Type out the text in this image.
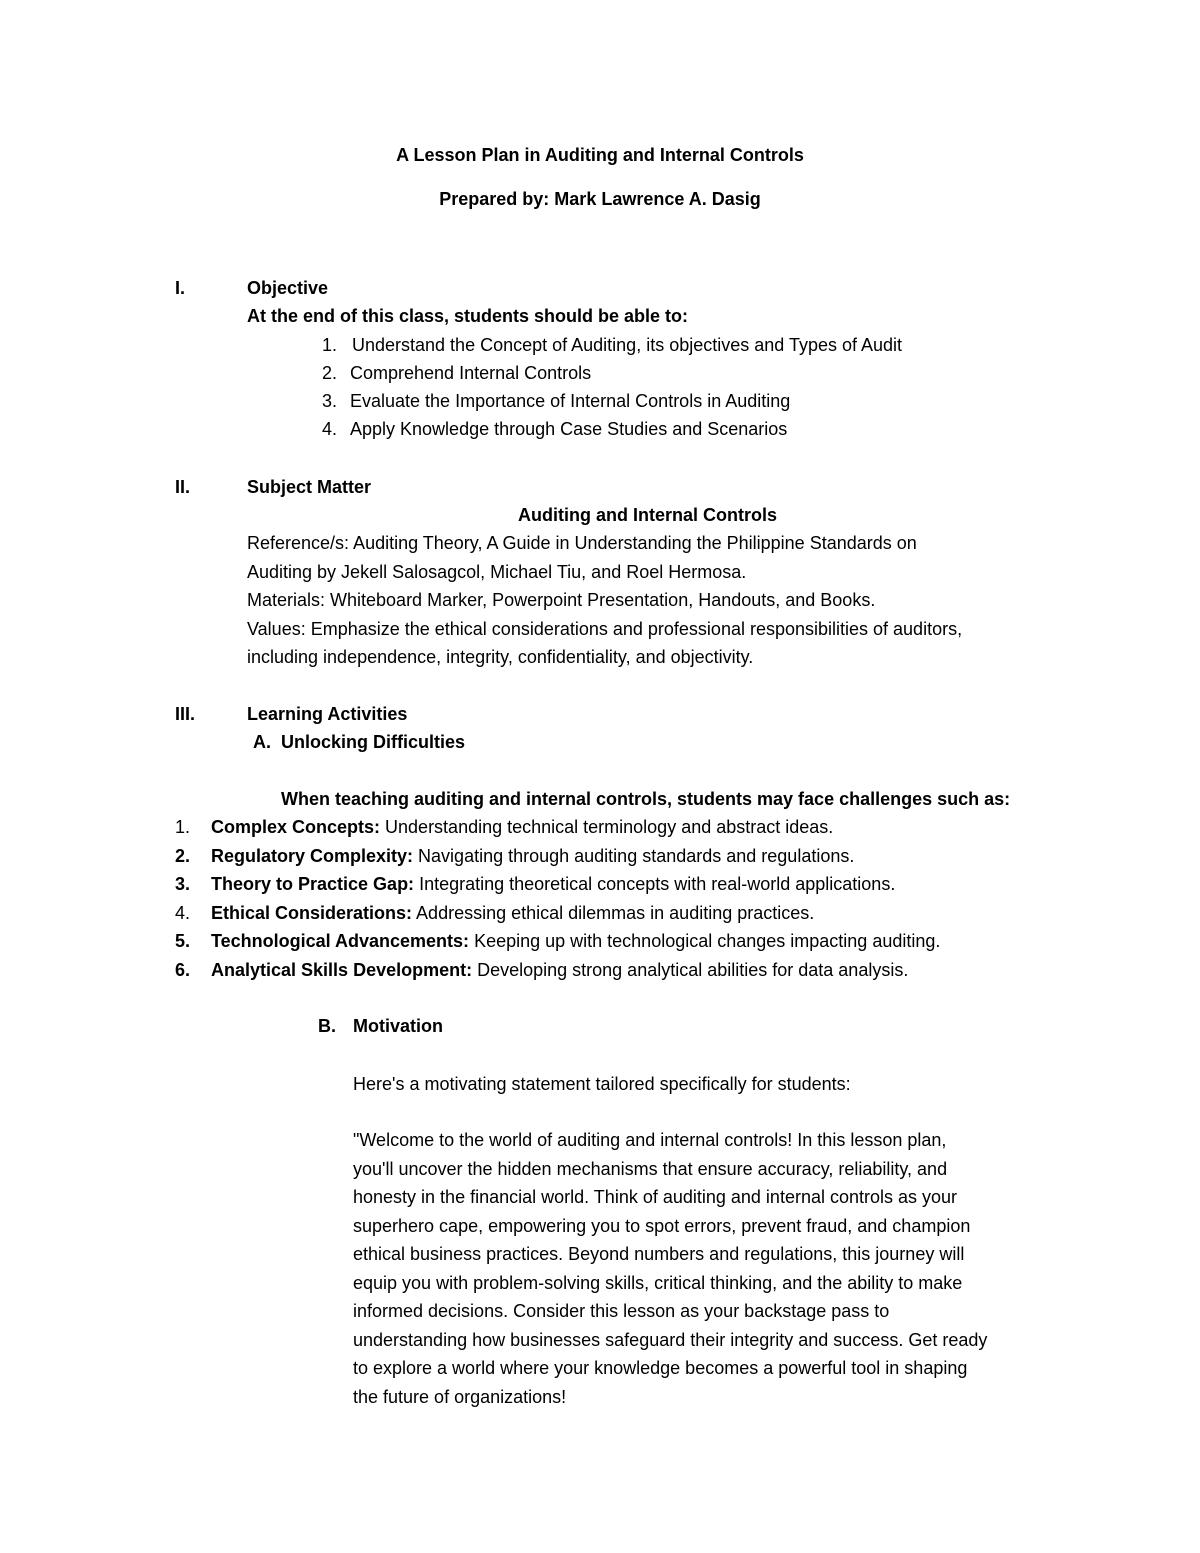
A Lesson Plan in Auditing and Internal Controls
Prepared by: Mark Lawrence A. Dasig
I.	Objective
At the end of this class, students should be able to:
1. Understand the Concept of Auditing, its objectives and Types of Audit
2. Comprehend Internal Controls
3. Evaluate the Importance of Internal Controls in Auditing
4. Apply Knowledge through Case Studies and Scenarios
II.	Subject Matter
Auditing and Internal Controls
Reference/s: Auditing Theory, A Guide in Understanding the Philippine Standards on
Auditing by Jekell Salosagcol, Michael Tiu, and Roel Hermosa.
Materials: Whiteboard Marker, Powerpoint Presentation, Handouts, and Books.
Values: Emphasize the ethical considerations and professional responsibilities of auditors,
including independence, integrity, confidentiality, and objectivity.
III.	Learning Activities
A. Unlocking Difficulties
When teaching auditing and internal controls, students may face challenges such as:
1. Complex Concepts: Understanding technical terminology and abstract ideas.
2. Regulatory Complexity: Navigating through auditing standards and regulations.
3. Theory to Practice Gap: Integrating theoretical concepts with real-world applications.
4. Ethical Considerations: Addressing ethical dilemmas in auditing practices.
5. Technological Advancements: Keeping up with technological changes impacting auditing.
6. Analytical Skills Development: Developing strong analytical abilities for data analysis.
B. Motivation
Here's a motivating statement tailored specifically for students:
"Welcome to the world of auditing and internal controls! In this lesson plan,
you'll uncover the hidden mechanisms that ensure accuracy, reliability, and
honesty in the financial world. Think of auditing and internal controls as your
superhero cape, empowering you to spot errors, prevent fraud, and champion
ethical business practices. Beyond numbers and regulations, this journey will
equip you with problem-solving skills, critical thinking, and the ability to make
informed decisions. Consider this lesson as your backstage pass to
understanding how businesses safeguard their integrity and success. Get ready
to explore a world where your knowledge becomes a powerful tool in shaping
the future of organizations!
